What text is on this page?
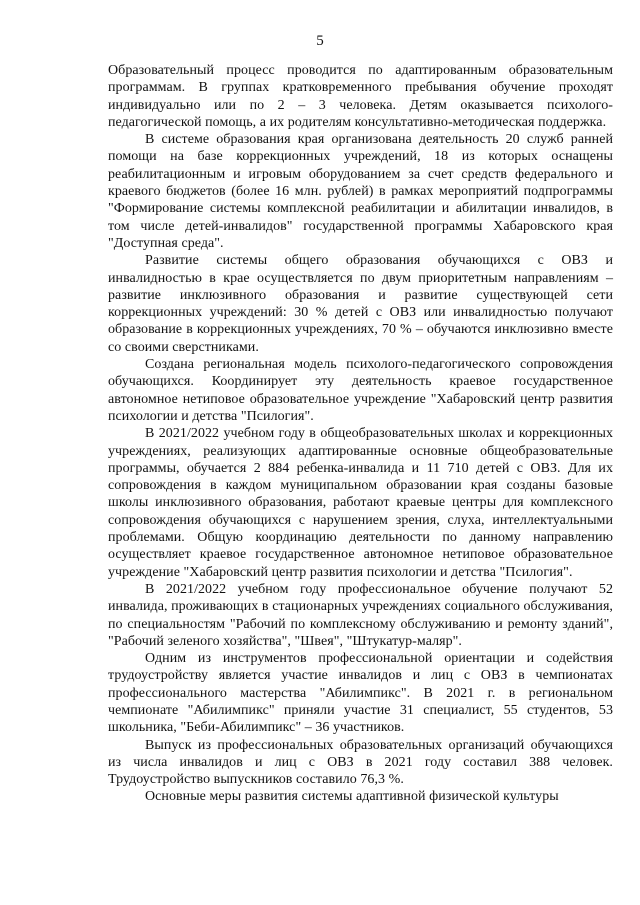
5

Образовательный процесс проводится по адаптированным образовательным программам. В группах кратковременного пребывания обучение проходят индивидуально или по 2 – 3 человека. Детям оказывается психолого-педагогической помощь, а их родителям консультативно-методическая поддержка.

В системе образования края организована деятельность 20 служб ранней помощи на базе коррекционных учреждений, 18 из которых оснащены реабилитационным и игровым оборудованием за счет средств федерального и краевого бюджетов (более 16 млн. рублей) в рамках мероприятий подпрограммы "Формирование системы комплексной реабилитации и абилитации инвалидов, в том числе детей-инвалидов" государственной программы Хабаровского края "Доступная среда".

Развитие системы общего образования обучающихся с ОВЗ и инвалидностью в крае осуществляется по двум приоритетным направлениям – развитие инклюзивного образования и развитие существующей сети коррекционных учреждений: 30 % детей с ОВЗ или инвалидностью получают образование в коррекционных учреждениях, 70 % – обучаются инклюзивно вместе со своими сверстниками.

Создана региональная модель психолого-педагогического сопровождения обучающихся. Координирует эту деятельность краевое государственное автономное нетиповое образовательное учреждение "Хабаровский центр развития психологии и детства "Псилогия".

В 2021/2022 учебном году в общеобразовательных школах и коррекционных учреждениях, реализующих адаптированные основные общеобразовательные программы, обучается 2 884 ребенка-инвалида и 11 710 детей с ОВЗ. Для их сопровождения в каждом муниципальном образовании края созданы базовые школы инклюзивного образования, работают краевые центры для комплексного сопровождения обучающихся с нарушением зрения, слуха, интеллектуальными проблемами. Общую координацию деятельности по данному направлению осуществляет краевое государственное автономное нетиповое образовательное учреждение "Хабаровский центр развития психологии и детства "Псилогия".

В 2021/2022 учебном году профессиональное обучение получают 52 инвалида, проживающих в стационарных учреждениях социального обслуживания, по специальностям "Рабочий по комплексному обслуживанию и ремонту зданий", "Рабочий зеленого хозяйства", "Швея", "Штукатур-маляр".

Одним из инструментов профессиональной ориентации и содействия трудоустройству является участие инвалидов и лиц с ОВЗ в чемпионатах профессионального мастерства "Абилимпикс". В 2021 г. в региональном чемпионате "Абилимпикс" приняли участие 31 специалист, 55 студентов, 53 школьника, "Беби-Абилимпикс" – 36 участников.

Выпуск из профессиональных образовательных организаций обучающихся из числа инвалидов и лиц с ОВЗ в 2021 году составил 388 человек. Трудоустройство выпускников составило 76,3 %.

Основные меры развития системы адаптивной физической культуры
